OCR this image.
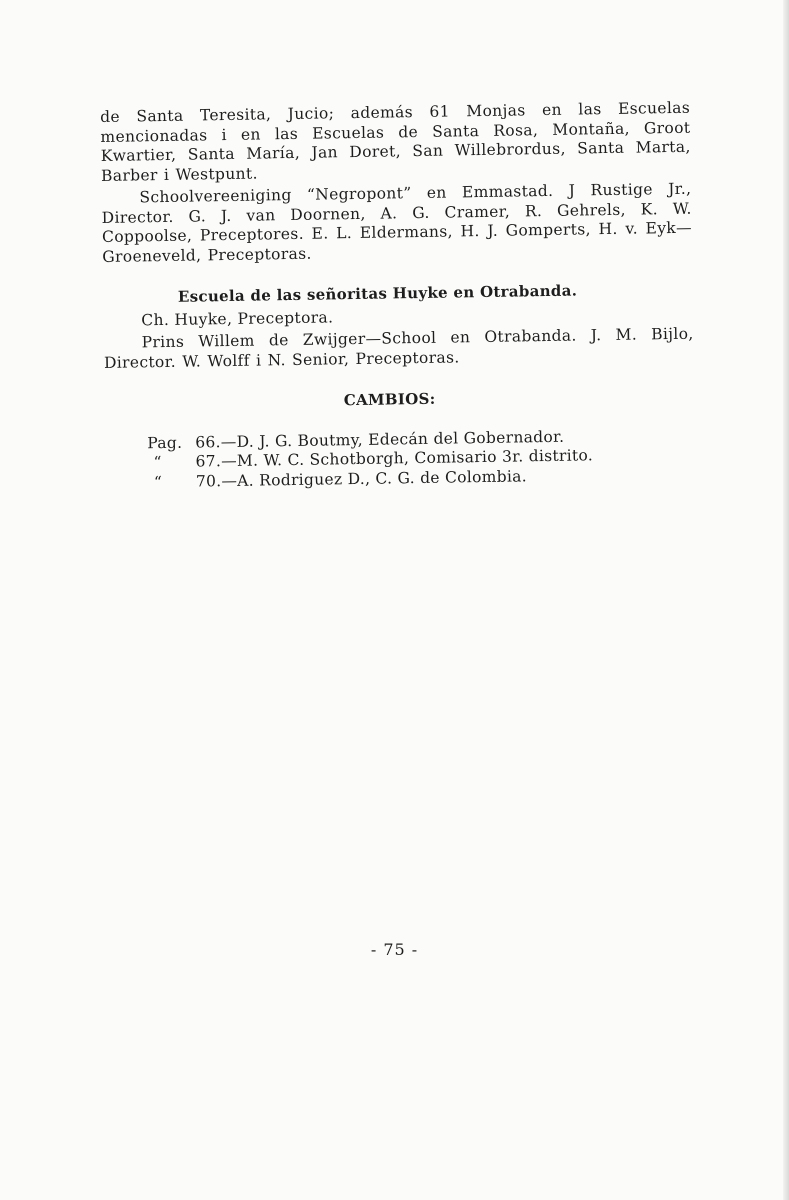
de Santa Teresita, Jucio; además 61 Monjas en las Escuelas mencionadas i en las Escuelas de Santa Rosa, Montaña, Groot Kwartier, Santa María, Jan Doret, San Willebrordus, Santa Marta, Barber i Westpunt.

Schoolvereeniging “Negropont” en Emmastad. J Rustige Jr., Director. G. J. van Doornen, A. G. Cramer, R. Gehrels, K. W. Coppoolse, Preceptores. E. L. Eldermans, H. J. Gomperts, H. v. Eyk—Groeneveld, Preceptoras.

Escuela de las señoritas Huyke en Otrabanda.

Ch. Huyke, Preceptora.

Prins Willem de Zwijger—School en Otrabanda. J. M. Bijlo, Director. W. Wolff i N. Senior, Preceptoras.

CAMBIOS:

Pag. 66.—D. J. G. Boutmy, Edecán del Gobernador.
“	67.—M. W. C. Schotborgh, Comisario 3r. distrito.
“	70.—A. Rodriguez D., C. G. de Colombia.
- 75 -
